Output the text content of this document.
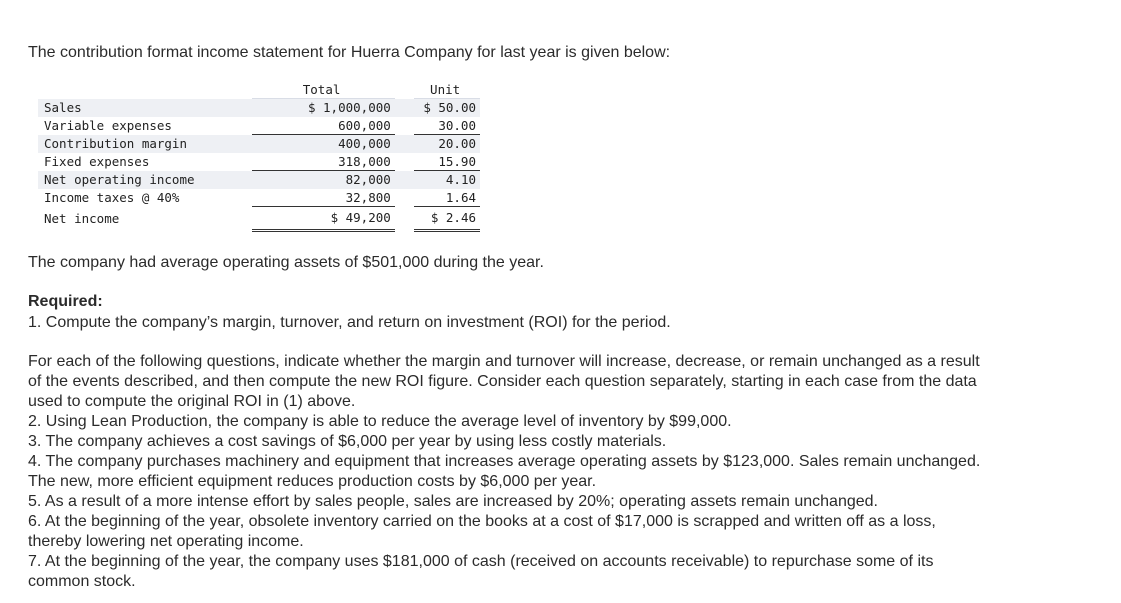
The contribution format income statement for Huerra Company for last year is given below:
	Total		Unit
Sales	$ 1,000,000		$ 50.00
Variable expenses	600,000		30.00
Contribution margin	400,000		20.00
Fixed expenses	318,000		15.90
Net operating income	82,000		4.10
Income taxes @ 40%	32,800		1.64
Net income	$ 49,200		$ 2.46
The company had average operating assets of $501,000 during the year.
Required:
1. Compute the company’s margin, turnover, and return on investment (ROI) for the period.
For each of the following questions, indicate whether the margin and turnover will increase, decrease, or remain unchanged as a result
of the events described, and then compute the new ROI figure. Consider each question separately, starting in each case from the data
used to compute the original ROI in (1) above.
2. Using Lean Production, the company is able to reduce the average level of inventory by $99,000.
3. The company achieves a cost savings of $6,000 per year by using less costly materials.
4. The company purchases machinery and equipment that increases average operating assets by $123,000. Sales remain unchanged.
The new, more efficient equipment reduces production costs by $6,000 per year.
5. As a result of a more intense effort by sales people, sales are increased by 20%; operating assets remain unchanged.
6. At the beginning of the year, obsolete inventory carried on the books at a cost of $17,000 is scrapped and written off as a loss,
thereby lowering net operating income.
7. At the beginning of the year, the company uses $181,000 of cash (received on accounts receivable) to repurchase some of its
common stock.
